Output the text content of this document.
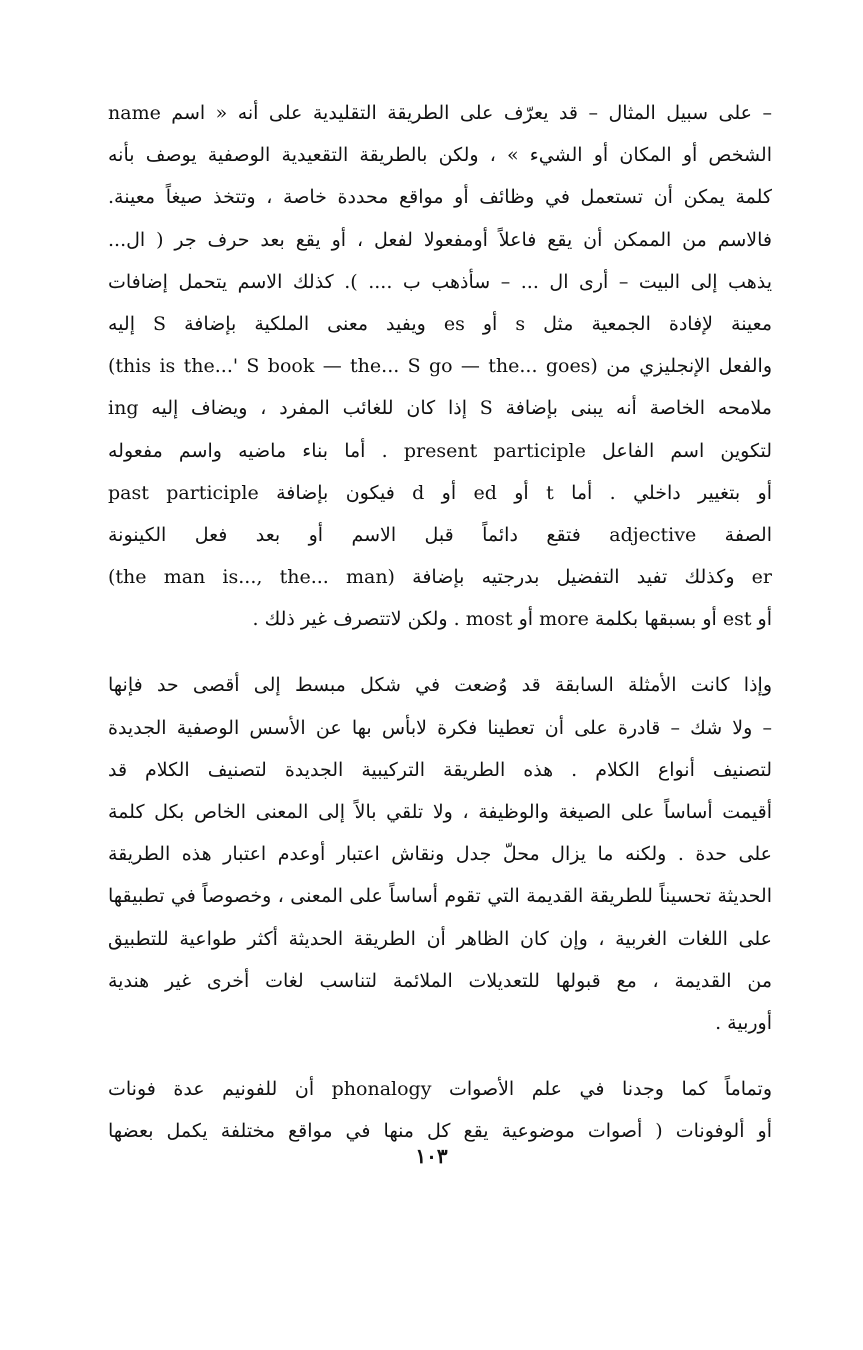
– على سبيل المثال – قد يعرّف على الطريقة التقليدية على أنه « اسم name
الشخص أو المكان أو الشيء » ، ولكن بالطريقة التقعيدية الوصفية يوصف بأنه
كلمة يمكن أن تستعمل في وظائف أو مواقع محددة خاصة ، وتتخذ صيغاً معينة.
فالاسم من الممكن أن يقع فاعلاً أومفعولا لفعل ، أو يقع بعد حرف جر ( ال...
يذهب إلى البيت – أرى ال ... – سأذهب ب .... ). كذلك الاسم يتحمل إضافات
معينة لإفادة الجمعية مثل s أو es ويفيد معنى الملكية بإضافة S إليه
(this is the...' S book — the... S go — the... goes) والفعل الإنجليزي من
ملامحه الخاصة أنه يبنى بإضافة S إذا كان للغائب المفرد ، ويضاف إليه ing
لتكوين اسم الفاعل present participle . أما بناء ماضيه واسم مفعوله
past participle فيكون بإضافة d أو ed أو t أو بتغيير داخلي . أما
الصفة adjective فتقع دائماً قبل الاسم أو بعد فعل الكينونة
(the man is..., the... man) وكذلك تفيد التفضيل بدرجتيه بإضافة er
أو est أو بسبقها بكلمة more أو most . ولكن لاتتصرف غير ذلك .
وإذا كانت الأمثلة السابقة قد وُضعت في شكل مبسط إلى أقصى حد فإنها
– ولا شك – قادرة على أن تعطينا فكرة لابأس بها عن الأسس الوصفية الجديدة
لتصنيف أنواع الكلام . هذه الطريقة التركيبية الجديدة لتصنيف الكلام قد
أقيمت أساساً على الصيغة والوظيفة ، ولا تلقي بالاً إلى المعنى الخاص بكل كلمة
على حدة . ولكنه ما يزال محلّ جدل ونقاش اعتبار أوعدم اعتبار هذه الطريقة
الحديثة تحسيناً للطريقة القديمة التي تقوم أساساً على المعنى ، وخصوصاً في تطبيقها
على اللغات الغربية ، وإن كان الظاهر أن الطريقة الحديثة أكثر طواعية للتطبيق
من القديمة ، مع قبولها للتعديلات الملائمة لتناسب لغات أخرى غير هندية
أوربية .
وتماماً كما وجدنا في علم الأصوات phonalogy أن للفونيم عدة فونات
أو ألوفونات ( أصوات موضوعية يقع كل منها في مواقع مختلفة يكمل بعضها
١٠٣
